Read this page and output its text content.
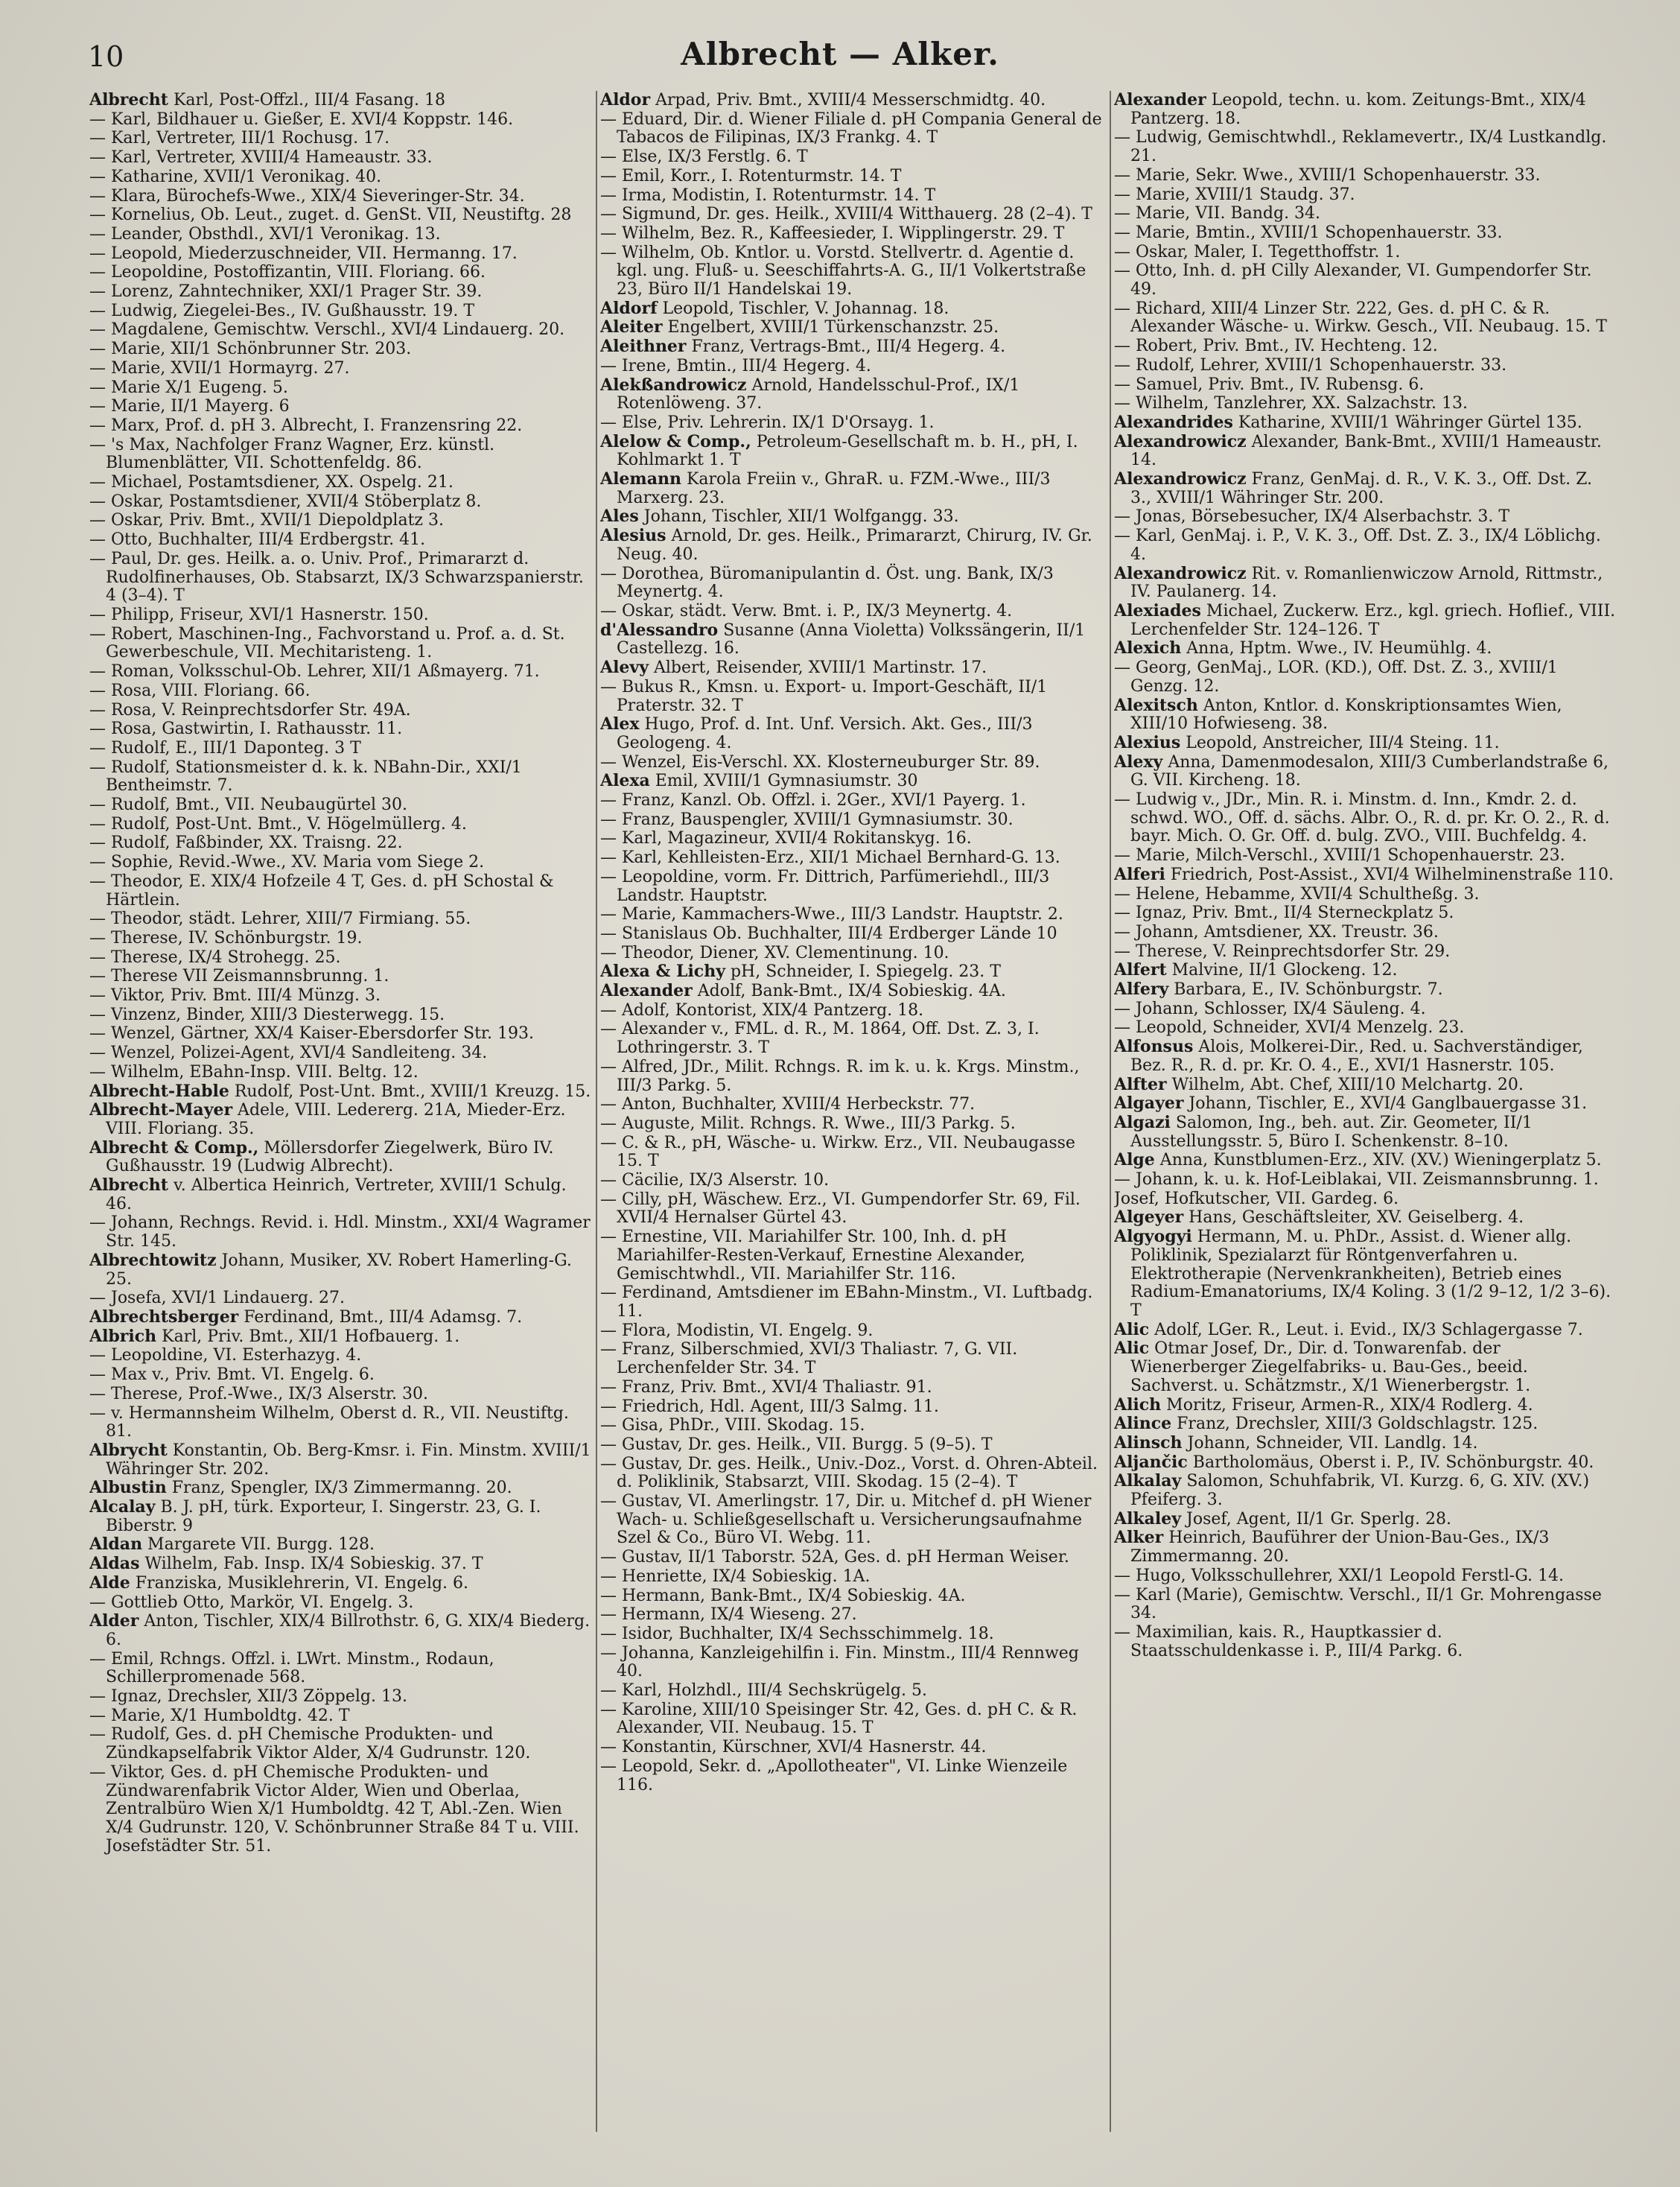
10	Albrecht — Alker.

Albrecht Karl, Post-Offzl., III/4 Fasang. 18

— Karl, Bildhauer u. Gießer, E. XVI/4 Koppstr. 146.

— Karl, Vertreter, III/1 Rochusg. 17.

— Karl, Vertreter, XVIII/4 Hameaustr. 33.

— Katharine, XVII/1 Veronikag. 40.

— Klara, Bürochefs-Wwe., XIX/4 Sieveringer-Str. 34.

— Kornelius, Ob. Leut., zuget. d. GenSt. VII, Neustiftg. 28

— Leander, Obsthdl., XVI/1 Veronikag. 13.

— Leopold, Miederzuschneider, VII. Hermanng. 17.

— Leopoldine, Postoffizantin, VIII. Floriang. 66.

— Lorenz, Zahntechniker, XXI/1 Prager Str. 39.

— Ludwig, Ziegelei-Bes., IV. Gußhausstr. 19. T

— Magdalene, Gemischtw. Verschl., XVI/4 Lindauerg. 20.

— Marie, XII/1 Schönbrunner Str. 203.

— Marie, XVII/1 Hormayrg. 27.

— Marie X/1 Eugeng. 5.

— Marie, II/1 Mayerg. 6

— Marx, Prof. d. pH 3. Albrecht, I. Franzensring 22.

— 's Max, Nachfolger Franz Wagner, Erz. künstl. Blumenblätter, VII. Schottenfeldg. 86.

— Michael, Postamtsdiener, XX. Ospelg. 21.

— Oskar, Postamtsdiener, XVII/4 Stöberplatz 8.

— Oskar, Priv. Bmt., XVII/1 Diepoldplatz 3.

— Otto, Buchhalter, III/4 Erdbergstr. 41.

— Paul, Dr. ges. Heilk. a. o. Univ. Prof., Primararzt d. Rudolfinerhauses, Ob. Stabsarzt, IX/3 Schwarzspanierstr. 4 (3–4). T

— Philipp, Friseur, XVI/1 Hasnerstr. 150.

— Robert, Maschinen-Ing., Fachvorstand u. Prof. a. d. St. Gewerbeschule, VII. Mechitaristeng. 1.

— Roman, Volksschul-Ob. Lehrer, XII/1 Aßmayerg. 71.

— Rosa, VIII. Floriang. 66.

— Rosa, V. Reinprechtsdorfer Str. 49A.

— Rosa, Gastwirtin, I. Rathausstr. 11.

— Rudolf, E., III/1 Daponteg. 3 T

— Rudolf, Stationsmeister d. k. k. NBahn-Dir., XXI/1 Bentheimstr. 7.

— Rudolf, Bmt., VII. Neubaugürtel 30.

— Rudolf, Post-Unt. Bmt., V. Högelmüllerg. 4.

— Rudolf, Faßbinder, XX. Traisng. 22.

— Sophie, Revid.-Wwe., XV. Maria vom Siege 2.

— Theodor, E. XIX/4 Hofzeile 4 T, Ges. d. pH Schostal & Härtlein.

— Theodor, städt. Lehrer, XIII/7 Firmiang. 55.

— Therese, IV. Schönburgstr. 19.

— Therese, IX/4 Strohegg. 25.

— Therese VII Zeismannsbrunng. 1.

— Viktor, Priv. Bmt. III/4 Münzg. 3.

— Vinzenz, Binder, XIII/3 Diesterwegg. 15.

— Wenzel, Gärtner, XX/4 Kaiser-Ebersdorfer Str. 193.

— Wenzel, Polizei-Agent, XVI/4 Sandleiteng. 34.

— Wilhelm, EBahn-Insp. VIII. Beltg. 12.

Albrecht-Hable Rudolf, Post-Unt. Bmt., XVIII/1 Kreuzg. 15.

Albrecht-Mayer Adele, VIII. Ledererg. 21A, Mieder-Erz. VIII. Floriang. 35.

Albrecht & Comp., Möllersdorfer Ziegelwerk, Büro IV. Gußhausstr. 19 (Ludwig Albrecht).

Albrecht v. Albertica Heinrich, Vertreter, XVIII/1 Schulg. 46.

— Johann, Rechngs. Revid. i. Hdl. Minstm., XXI/4 Wagramer Str. 145.

Albrechtowitz Johann, Musiker, XV. Robert Hamerling-G. 25.

— Josefa, XVI/1 Lindauerg. 27.

Albrechtsberger Ferdinand, Bmt., III/4 Adamsg. 7.

Albrich Karl, Priv. Bmt., XII/1 Hofbauerg. 1.

— Leopoldine, VI. Esterhazyg. 4.

— Max v., Priv. Bmt. VI. Engelg. 6.

— Therese, Prof.-Wwe., IX/3 Alserstr. 30.

— v. Hermannsheim Wilhelm, Oberst d. R., VII. Neustiftg. 81.

Albrycht Konstantin, Ob. Berg-Kmsr. i. Fin. Minstm. XVIII/1 Währinger Str. 202.

Albustin Franz, Spengler, IX/3 Zimmermanng. 20.

Alcalay B. J. pH, türk. Exporteur, I. Singerstr. 23, G. I. Biberstr. 9

Aldan Margarete VII. Burgg. 128.

Aldas Wilhelm, Fab. Insp. IX/4 Sobieskig. 37. T

Alde Franziska, Musiklehrerin, VI. Engelg. 6.

— Gottlieb Otto, Markör, VI. Engelg. 3.

Alder Anton, Tischler, XIX/4 Billrothstr. 6, G. XIX/4 Biederg. 6.

— Emil, Rchngs. Offzl. i. LWrt. Minstm., Rodaun, Schillerpromenade 568.

— Ignaz, Drechsler, XII/3 Zöppelg. 13.

— Marie, X/1 Humboldtg. 42. T

— Rudolf, Ges. d. pH Chemische Produkten- und Zündkapselfabrik Viktor Alder, X/4 Gudrunstr. 120.

— Viktor, Ges. d. pH Chemische Produkten- und Zündwarenfabrik Victor Alder, Wien und Oberlaa, Zentralbüro Wien X/1 Humboldtg. 42 T, Abl.-Zen. Wien X/4 Gudrunstr. 120, V. Schönbrunner Straße 84 T u. VIII. Josefstädter Str. 51.

Aldor Arpad, Priv. Bmt., XVIII/4 Messerschmidtg. 40.

— Eduard, Dir. d. Wiener Filiale d. pH Compania General de Tabacos de Filipinas, IX/3 Frankg. 4. T

— Else, IX/3 Ferstlg. 6. T

— Emil, Korr., I. Rotenturmstr. 14. T

— Irma, Modistin, I. Rotenturmstr. 14. T

— Sigmund, Dr. ges. Heilk., XVIII/4 Witthauerg. 28 (2–4). T

— Wilhelm, Bez. R., Kaffeesieder, I. Wipplingerstr. 29. T

— Wilhelm, Ob. Kntlor. u. Vorstd. Stellvertr. d. Agentie d. kgl. ung. Fluß- u. Seeschiffahrts-A. G., II/1 Volkertstraße 23, Büro II/1 Handelskai 19.

Aldorf Leopold, Tischler, V. Johannag. 18.

Aleiter Engelbert, XVIII/1 Türkenschanzstr. 25.

Aleithner Franz, Vertrags-Bmt., III/4 Hegerg. 4.

— Irene, Bmtin., III/4 Hegerg. 4.

Alekßandrowicz Arnold, Handelsschul-Prof., IX/1 Rotenlöweng. 37.

— Else, Priv. Lehrerin. IX/1 D'Orsayg. 1.

Alelow & Comp., Petroleum-Gesellschaft m. b. H., pH, I. Kohlmarkt 1. T

Alemann Karola Freiin v., GhraR. u. FZM.-Wwe., III/3 Marxerg. 23.

Ales Johann, Tischler, XII/1 Wolfgangg. 33.

Alesius Arnold, Dr. ges. Heilk., Primararzt, Chirurg, IV. Gr. Neug. 40.

— Dorothea, Büromanipulantin d. Öst. ung. Bank, IX/3 Meynertg. 4.

— Oskar, städt. Verw. Bmt. i. P., IX/3 Meynertg. 4.

d'Alessandro Susanne (Anna Violetta) Volkssängerin, II/1 Castellezg. 16.

Alevy Albert, Reisender, XVIII/1 Martinstr. 17.

— Bukus R., Kmsn. u. Export- u. Import-Geschäft, II/1 Praterstr. 32. T

Alex Hugo, Prof. d. Int. Unf. Versich. Akt. Ges., III/3 Geologeng. 4.

— Wenzel, Eis-Verschl. XX. Klosterneuburger Str. 89.

Alexa Emil, XVIII/1 Gymnasiumstr. 30

— Franz, Kanzl. Ob. Offzl. i. 2Ger., XVI/1 Payerg. 1.

— Franz, Bauspengler, XVIII/1 Gymnasiumstr. 30.

— Karl, Magazineur, XVII/4 Rokitanskyg. 16.

— Karl, Kehlleisten-Erz., XII/1 Michael Bernhard-G. 13.

— Leopoldine, vorm. Fr. Dittrich, Parfümeriehdl., III/3 Landstr. Hauptstr.

— Marie, Kammachers-Wwe., III/3 Landstr. Hauptstr. 2.

— Stanislaus Ob. Buchhalter, III/4 Erdberger Lände 10

— Theodor, Diener, XV. Clementinung. 10.

Alexa & Lichy pH, Schneider, I. Spiegelg. 23. T

Alexander Adolf, Bank-Bmt., IX/4 Sobieskig. 4A.

— Adolf, Kontorist, XIX/4 Pantzerg. 18.

— Alexander v., FML. d. R., M. 1864, Off. Dst. Z. 3, I. Lothringerstr. 3. T

— Alfred, JDr., Milit. Rchngs. R. im k. u. k. Krgs. Minstm., III/3 Parkg. 5.

— Anton, Buchhalter, XVIII/4 Herbeckstr. 77.

— Auguste, Milit. Rchngs. R. Wwe., III/3 Parkg. 5.

— C. & R., pH, Wäsche- u. Wirkw. Erz., VII. Neubaugasse 15. T

— Cäcilie, IX/3 Alserstr. 10.

— Cilly, pH, Wäschew. Erz., VI. Gumpendorfer Str. 69, Fil. XVII/4 Hernalser Gürtel 43.

— Ernestine, VII. Mariahilfer Str. 100, Inh. d. pH Mariahilfer-Resten-Verkauf, Ernestine Alexander, Gemischtwhdl., VII. Mariahilfer Str. 116.

— Ferdinand, Amtsdiener im EBahn-Minstm., VI. Luftbadg. 11.

— Flora, Modistin, VI. Engelg. 9.

— Franz, Silberschmied, XVI/3 Thaliastr. 7, G. VII. Lerchenfelder Str. 34. T

— Franz, Priv. Bmt., XVI/4 Thaliastr. 91.

— Friedrich, Hdl. Agent, III/3 Salmg. 11.

— Gisa, PhDr., VIII. Skodag. 15.

— Gustav, Dr. ges. Heilk., VII. Burgg. 5 (9–5). T

— Gustav, Dr. ges. Heilk., Univ.-Doz., Vorst. d. Ohren-Abteil. d. Poliklinik, Stabsarzt, VIII. Skodag. 15 (2–4). T

— Gustav, VI. Amerlingstr. 17, Dir. u. Mitchef d. pH Wiener Wach- u. Schließgesellschaft u. Versicherungsaufnahme Szel & Co., Büro VI. Webg. 11.

— Gustav, II/1 Taborstr. 52A, Ges. d. pH Herman Weiser.

— Henriette, IX/4 Sobieskig. 1A.

— Hermann, Bank-Bmt., IX/4 Sobieskig. 4A.

— Hermann, IX/4 Wieseng. 27.

— Isidor, Buchhalter, IX/4 Sechsschimmelg. 18.

— Johanna, Kanzleigehilfin i. Fin. Minstm., III/4 Rennweg 40.

— Karl, Holzhdl., III/4 Sechskrügelg. 5.

— Karoline, XIII/10 Speisinger Str. 42, Ges. d. pH C. & R. Alexander, VII. Neubaug. 15. T

— Konstantin, Kürschner, XVI/4 Hasnerstr. 44.

— Leopold, Sekr. d. „Apollotheater", VI. Linke Wienzeile 116.

Alexander Leopold, techn. u. kom. Zeitungs-Bmt., XIX/4 Pantzerg. 18.

— Ludwig, Gemischtwhdl., Reklamevertr., IX/4 Lustkandlg. 21.

— Marie, Sekr. Wwe., XVIII/1 Schopenhauerstr. 33.

— Marie, XVIII/1 Staudg. 37.

— Marie, VII. Bandg. 34.

— Marie, Bmtin., XVIII/1 Schopenhauerstr. 33.

— Oskar, Maler, I. Tegetthoffstr. 1.

— Otto, Inh. d. pH Cilly Alexander, VI. Gumpendorfer Str. 49.

— Richard, XIII/4 Linzer Str. 222, Ges. d. pH C. & R. Alexander Wäsche- u. Wirkw. Gesch., VII. Neubaug. 15. T

— Robert, Priv. Bmt., IV. Hechteng. 12.

— Rudolf, Lehrer, XVIII/1 Schopenhauerstr. 33.

— Samuel, Priv. Bmt., IV. Rubensg. 6.

— Wilhelm, Tanzlehrer, XX. Salzachstr. 13.

Alexandrides Katharine, XVIII/1 Währinger Gürtel 135.

Alexandrowicz Alexander, Bank-Bmt., XVIII/1 Hameaustr. 14.

Alexandrowicz Franz, GenMaj. d. R., V. K. 3., Off. Dst. Z. 3., XVIII/1 Währinger Str. 200.

— Jonas, Börsebesucher, IX/4 Alserbachstr. 3. T

— Karl, GenMaj. i. P., V. K. 3., Off. Dst. Z. 3., IX/4 Löblichg. 4.

Alexandrowicz Rit. v. Romanlienwiczow Arnold, Rittmstr., IV. Paulanerg. 14.

Alexiades Michael, Zuckerw. Erz., kgl. griech. Hoflief., VIII. Lerchenfelder Str. 124–126. T

Alexich Anna, Hptm. Wwe., IV. Heumühlg. 4.

— Georg, GenMaj., LOR. (KD.), Off. Dst. Z. 3., XVIII/1 Genzg. 12.

Alexitsch Anton, Kntlor. d. Konskriptionsamtes Wien, XIII/10 Hofwieseng. 38.

Alexius Leopold, Anstreicher, III/4 Steing. 11.

Alexy Anna, Damenmodesalon, XIII/3 Cumberlandstraße 6, G. VII. Kircheng. 18.

— Ludwig v., JDr., Min. R. i. Minstm. d. Inn., Kmdr. 2. d. schwd. WO., Off. d. sächs. Albr. O., R. d. pr. Kr. O. 2., R. d. bayr. Mich. O. Gr. Off. d. bulg. ZVO., VIII. Buchfeldg. 4.

— Marie, Milch-Verschl., XVIII/1 Schopenhauerstr. 23.

Alferi Friedrich, Post-Assist., XVI/4 Wilhelminenstraße 110.

— Helene, Hebamme, XVII/4 Schultheßg. 3.

— Ignaz, Priv. Bmt., II/4 Sterneckplatz 5.

— Johann, Amtsdiener, XX. Treustr. 36.

— Therese, V. Reinprechtsdorfer Str. 29.

Alfert Malvine, II/1 Glockeng. 12.

Alfery Barbara, E., IV. Schönburgstr. 7.

— Johann, Schlosser, IX/4 Säuleng. 4.

— Leopold, Schneider, XVI/4 Menzelg. 23.

Alfonsus Alois, Molkerei-Dir., Red. u. Sachverständiger, Bez. R., R. d. pr. Kr. O. 4., E., XVI/1 Hasnerstr. 105.

Alfter Wilhelm, Abt. Chef, XIII/10 Melchartg. 20.

Algayer Johann, Tischler, E., XVI/4 Ganglbauergasse 31.

Algazi Salomon, Ing., beh. aut. Zir. Geometer, II/1 Ausstellungsstr. 5, Büro I. Schenkenstr. 8–10.

Alge Anna, Kunstblumen-Erz., XIV. (XV.) Wieningerplatz 5.

— Johann, k. u. k. Hof-Leiblakai, VII. Zeismannsbrunng. 1.

Josef, Hofkutscher, VII. Gardeg. 6.

Algeyer Hans, Geschäftsleiter, XV. Geiselberg. 4.

Algyogyi Hermann, M. u. PhDr., Assist. d. Wiener allg. Poliklinik, Spezialarzt für Röntgenverfahren u. Elektrotherapie (Nervenkrankheiten), Betrieb eines Radium-Emanatoriums, IX/4 Koling. 3 (1/2 9–12, 1/2 3–6). T

Alic Adolf, LGer. R., Leut. i. Evid., IX/3 Schlagergasse 7.

Alic Otmar Josef, Dr., Dir. d. Tonwarenfab. der Wienerberger Ziegelfabriks- u. Bau-Ges., beeid. Sachverst. u. Schätzmstr., X/1 Wienerbergstr. 1.

Alich Moritz, Friseur, Armen-R., XIX/4 Rodlerg. 4.

Alince Franz, Drechsler, XIII/3 Goldschlagstr. 125.

Alinsch Johann, Schneider, VII. Landlg. 14.

Aljančic Bartholomäus, Oberst i. P., IV. Schönburgstr. 40.

Alkalay Salomon, Schuhfabrik, VI. Kurzg. 6, G. XIV. (XV.) Pfeiferg. 3.

Alkaley Josef, Agent, II/1 Gr. Sperlg. 28.

Alker Heinrich, Bauführer der Union-Bau-Ges., IX/3 Zimmermanng. 20.

— Hugo, Volksschullehrer, XXI/1 Leopold Ferstl-G. 14.

— Karl (Marie), Gemischtw. Verschl., II/1 Gr. Mohrengasse 34.

— Maximilian, kais. R., Hauptkassier d. Staatsschuldenkasse i. P., III/4 Parkg. 6.
